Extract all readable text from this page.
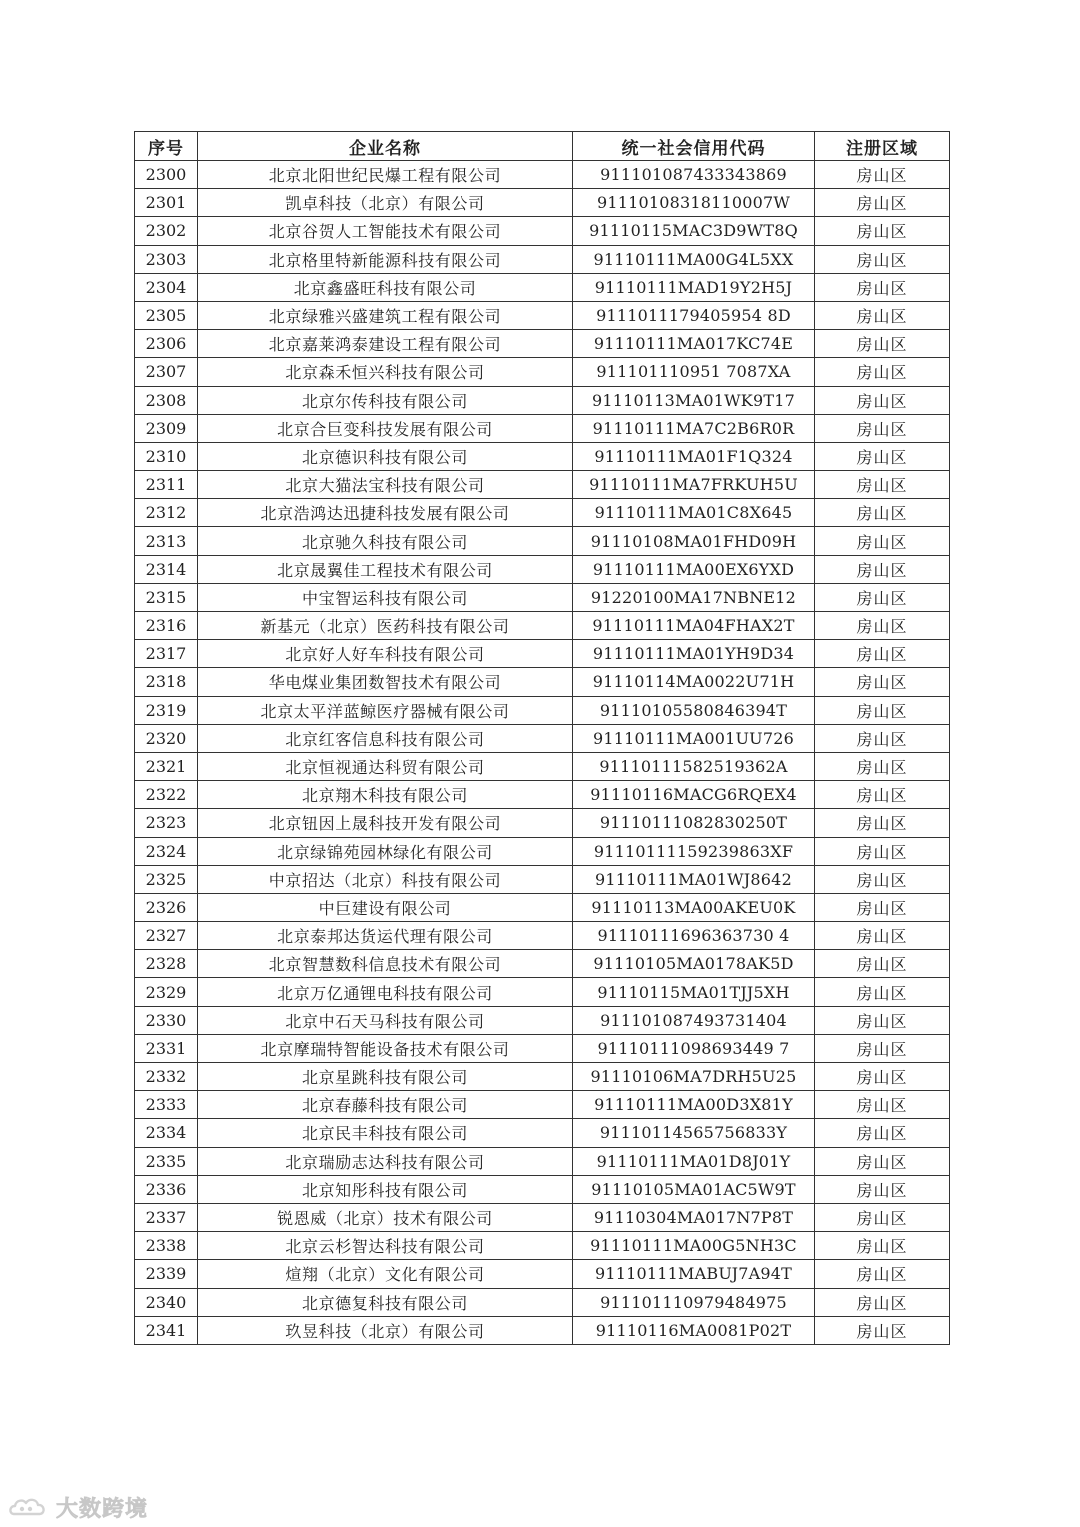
序号	企业名称	统一社会信用代码	注册区域
2300	北京北阳世纪民爆工程有限公司	911101087433343869	房山区
2301	凯卓科技（北京）有限公司	91110108318110007W	房山区
2302	北京谷贺人工智能技术有限公司	91110115MAC3D9WT8Q	房山区
2303	北京格里特新能源科技有限公司	91110111MA00G4L5XX	房山区
2304	北京鑫盛旺科技有限公司	91110111MAD19Y2H5J	房山区
2305	北京绿雅兴盛建筑工程有限公司	9111011179405954 8D	房山区
2306	北京嘉莱鸿泰建设工程有限公司	91110111MA017KC74E	房山区
2307	北京森禾恒兴科技有限公司	911101110951 7087XA	房山区
2308	北京尔传科技有限公司	91110113MA01WK9T17	房山区
2309	北京合巨变科技发展有限公司	91110111MA7C2B6R0R	房山区
2310	北京德识科技有限公司	91110111MA01F1Q324	房山区
2311	北京大猫法宝科技有限公司	91110111MA7FRKUH5U	房山区
2312	北京浩鸿达迅捷科技发展有限公司	91110111MA01C8X645	房山区
2313	北京驰久科技有限公司	91110108MA01FHD09H	房山区
2314	北京晟翼佳工程技术有限公司	91110111MA00EX6YXD	房山区
2315	中宝智运科技有限公司	91220100MA17NBNE12	房山区
2316	新基元（北京）医药科技有限公司	91110111MA04FHAX2T	房山区
2317	北京好人好车科技有限公司	91110111MA01YH9D34	房山区
2318	华电煤业集团数智技术有限公司	91110114MA0022U71H	房山区
2319	北京太平洋蓝鲸医疗器械有限公司	91110105580846394T	房山区
2320	北京红客信息科技有限公司	91110111MA001UU726	房山区
2321	北京恒视通达科贸有限公司	91110111582519362A	房山区
2322	北京翔木科技有限公司	91110116MACG6RQEX4	房山区
2323	北京钮因上晟科技开发有限公司	91110111082830250T	房山区
2324	北京绿锦苑园林绿化有限公司	91110111159239863XF	房山区
2325	中京招达（北京）科技有限公司	91110111MA01WJ8642	房山区
2326	中巨建设有限公司	91110113MA00AKEU0K	房山区
2327	北京泰邦达货运代理有限公司	91110111696363730 4	房山区
2328	北京智慧数科信息技术有限公司	91110105MA0178AK5D	房山区
2329	北京万亿通锂电科技有限公司	91110115MA01TJJ5XH	房山区
2330	北京中石天马科技有限公司	911101087493731404	房山区
2331	北京摩瑞特智能设备技术有限公司	91110111098693449 7	房山区
2332	北京星跳科技有限公司	91110106MA7DRH5U25	房山区
2333	北京春藤科技有限公司	91110111MA00D3X81Y	房山区
2334	北京民丰科技有限公司	91110114565756833Y	房山区
2335	北京瑞励志达科技有限公司	91110111MA01D8J01Y	房山区
2336	北京知彤科技有限公司	91110105MA01AC5W9T	房山区
2337	锐恩威（北京）技术有限公司	91110304MA017N7P8T	房山区
2338	北京云杉智达科技有限公司	91110111MA00G5NH3C	房山区
2339	煊翔（北京）文化有限公司	91110111MABUJ7A94T	房山区
2340	北京德复科技有限公司	911101110979484975	房山区
2341	玖昱科技（北京）有限公司	91110116MA0081P02T	房山区
大数跨境
